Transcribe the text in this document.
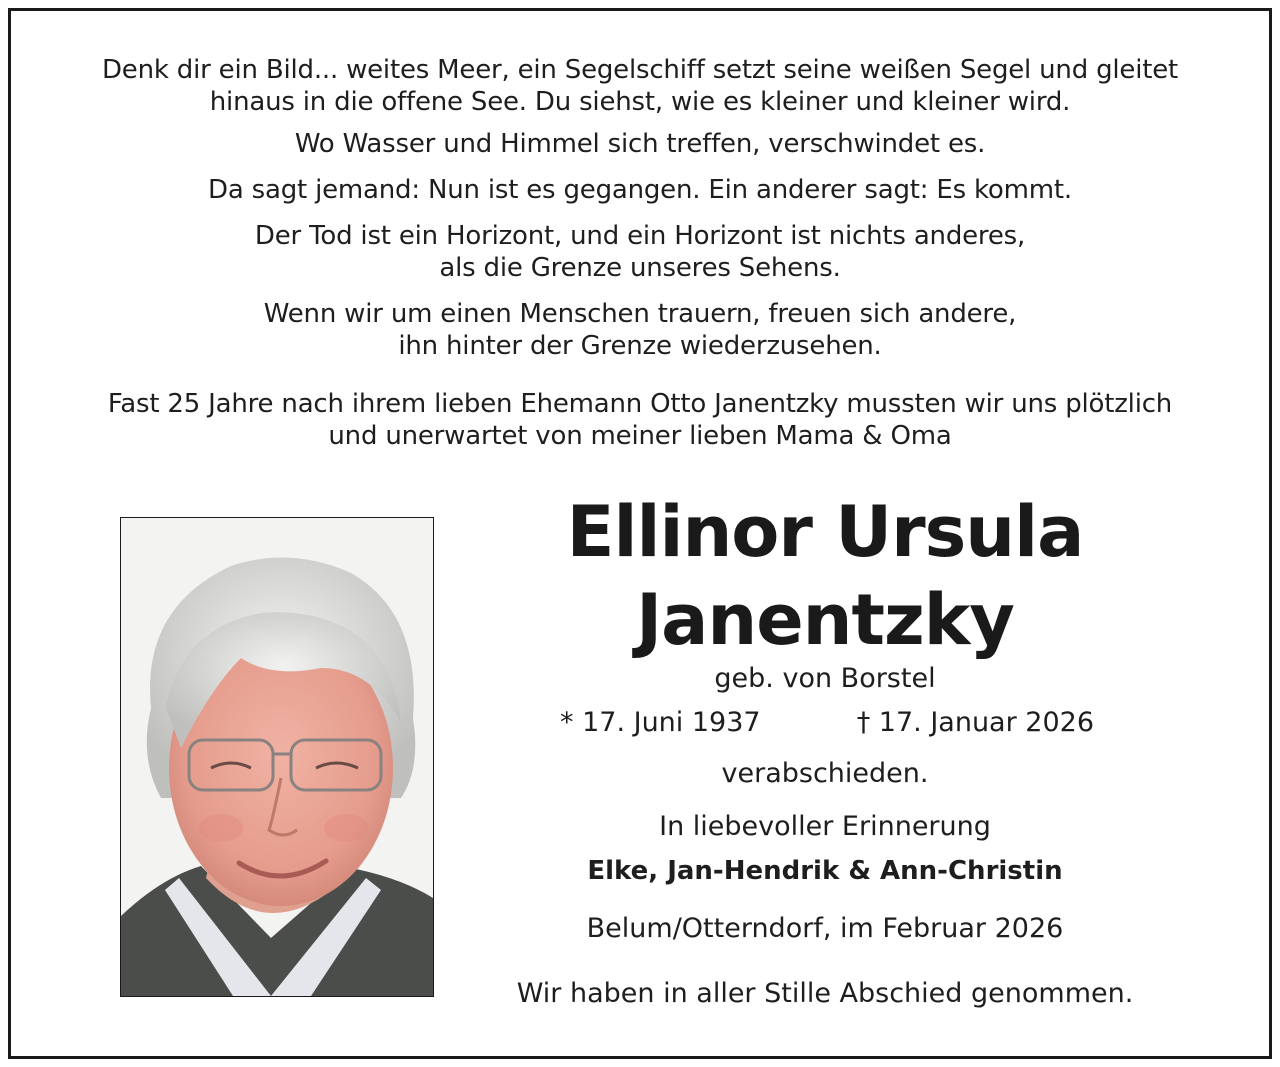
Denk dir ein Bild... weites Meer, ein Segelschiff setzt seine weißen Segel und gleitet
hinaus in die offene See. Du siehst, wie es kleiner und kleiner wird.

Wo Wasser und Himmel sich treffen, verschwindet es.

Da sagt jemand: Nun ist es gegangen. Ein anderer sagt: Es kommt.

Der Tod ist ein Horizont, und ein Horizont ist nichts anderes,
als die Grenze unseres Sehens.

Wenn wir um einen Menschen trauern, freuen sich andere,
ihn hinter der Grenze wiederzusehen.

Fast 25 Jahre nach ihrem lieben Ehemann Otto Janentzky mussten wir uns plötzlich
und unerwartet von meiner lieben Mama & Oma

Ellinor Ursula
Janentzky
geb. von Borstel
* 17. Juni 1937	† 17. Januar 2026
verabschieden.
In liebevoller Erinnerung
Elke, Jan-Hendrik & Ann-Christin
Belum/Otterndorf, im Februar 2026
Wir haben in aller Stille Abschied genommen.
